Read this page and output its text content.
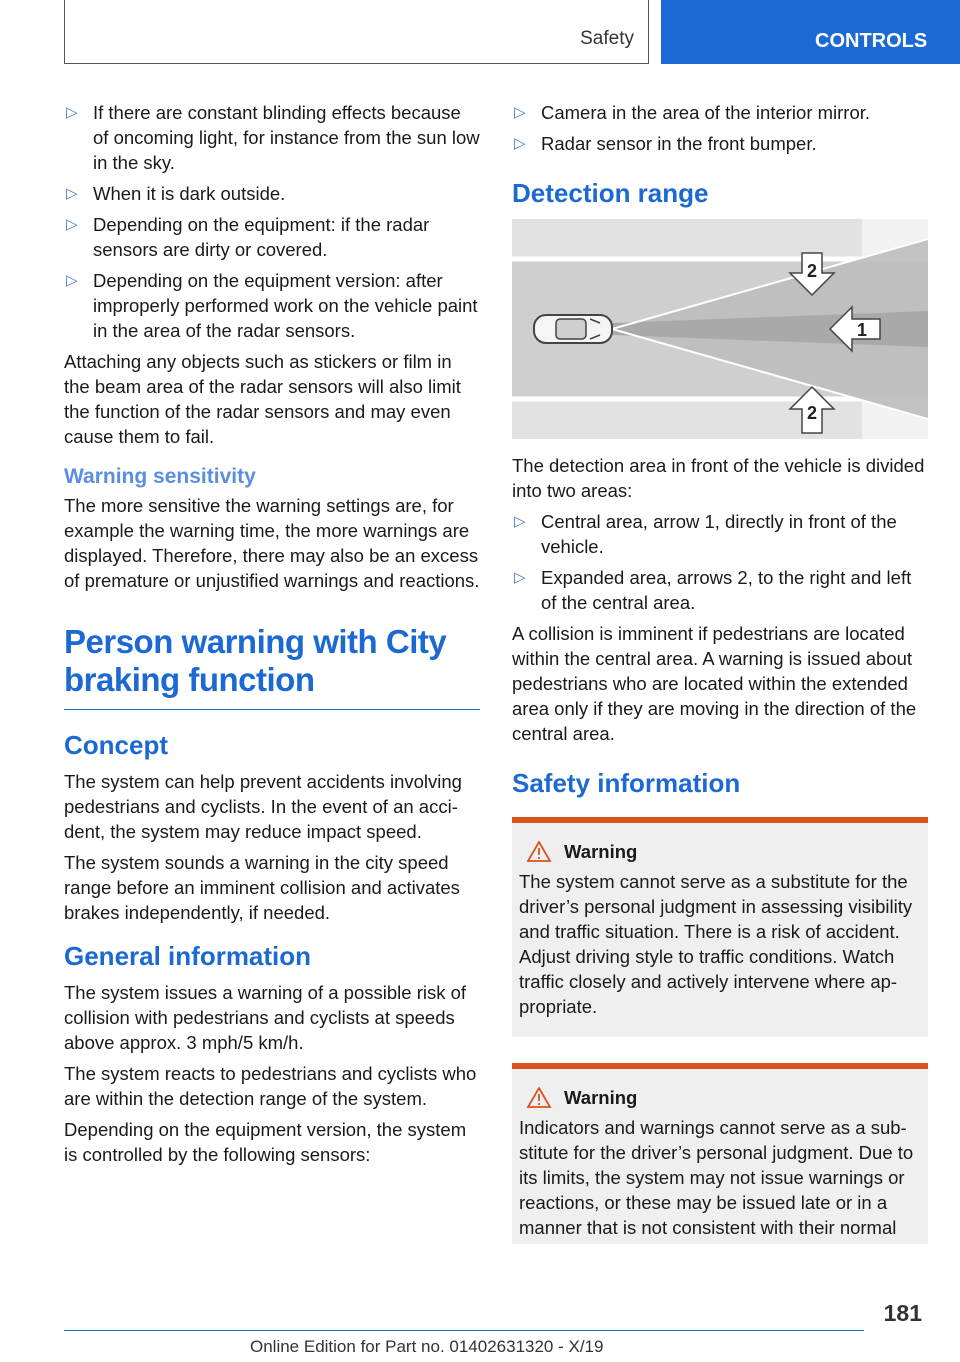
Safety	CONTROLS
▷ If there are constant blinding effects because of oncoming light, for instance from the sun low in the sky.
▷ When it is dark outside.
▷ Depending on the equipment: if the radar sensors are dirty or covered.
▷ Depending on the equipment version: after improperly performed work on the vehicle paint in the area of the radar sensors.

Attaching any objects such as stickers or film in the beam area of the radar sensors will also limit the function of the radar sensors and may even cause them to fail.

Warning sensitivity

The more sensitive the warning settings are, for example the warning time, the more warnings are displayed. Therefore, there may also be an excess of premature or unjustified warnings and reactions.

Person warning with City braking function
Concept

The system can help prevent accidents involving pedestrians and cyclists. In the event of an accident, the system may reduce impact speed.

The system sounds a warning in the city speed range before an imminent collision and activates brakes independently, if needed.

General information

The system issues a warning of a possible risk of collision with pedestrians and cyclists at speeds above approx. 3 mph/5 km/h.

The system reacts to pedestrians and cyclists who are within the detection range of the system.

Depending on the equipment version, the system is controlled by the following sensors:

▷ Camera in the area of the interior mirror.
▷ Radar sensor in the front bumper.
Detection range
1
2
2

The detection area in front of the vehicle is divided into two areas:

▷ Central area, arrow 1, directly in front of the vehicle.
▷ Expanded area, arrows 2, to the right and left of the central area.

A collision is imminent if pedestrians are located within the central area. A warning is issued about pedestrians who are located within the extended area only if they are moving in the direction of the central area.

Safety information
Warning

The system cannot serve as a substitute for the driver’s personal judgment in assessing visibility and traffic situation. There is a risk of accident. Adjust driving style to traffic conditions. Watch traffic closely and actively intervene where appropriate.

Warning

Indicators and warnings cannot serve as a substitute for the driver’s personal judgment. Due to its limits, the system may not issue warnings or reactions, or these may be issued late or in a manner that is not consistent with their normal

181
Online Edition for Part no. 01402631320 - X/19
